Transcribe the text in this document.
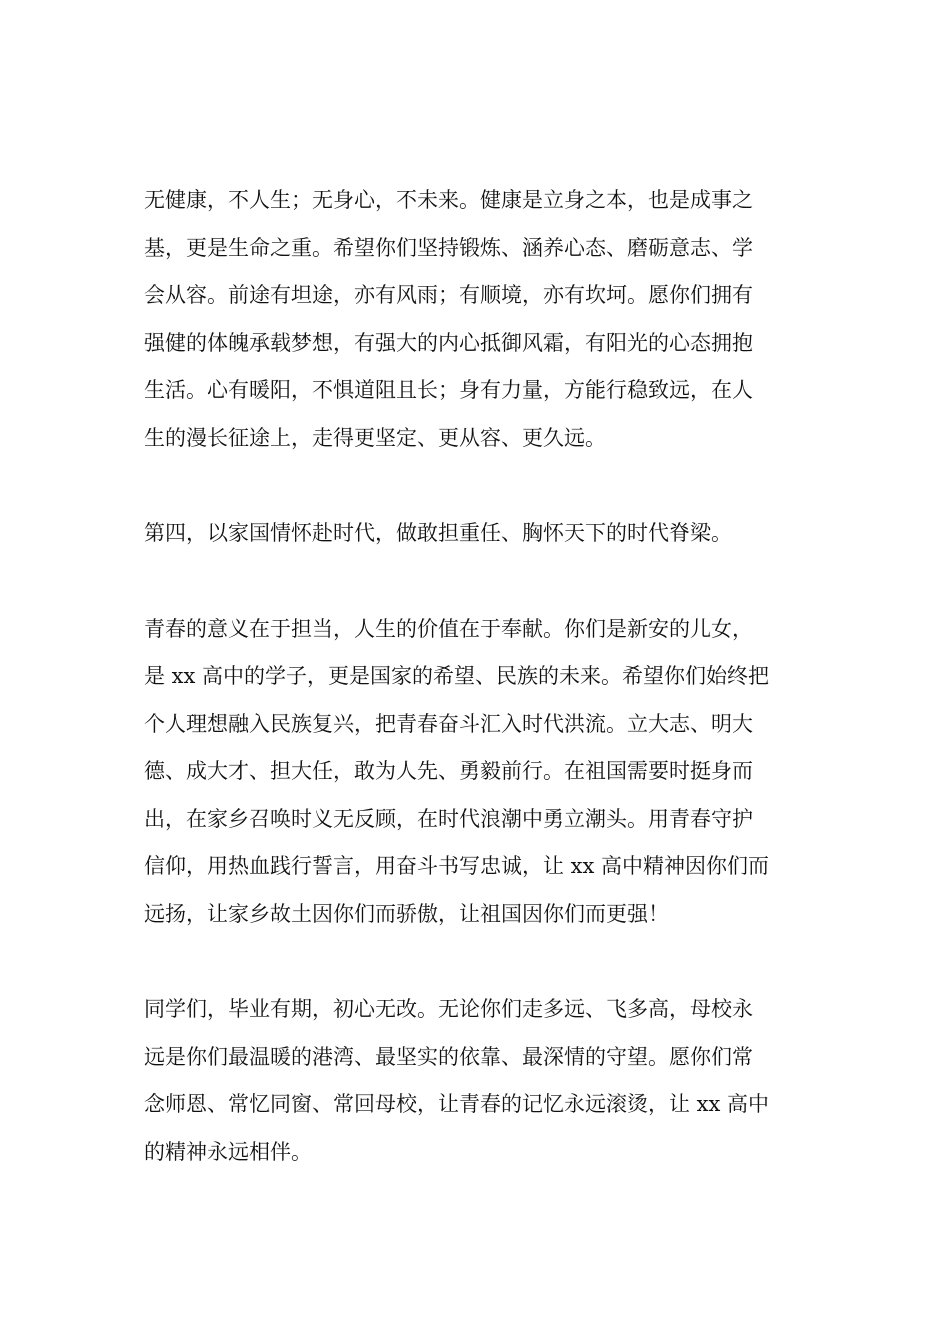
无健康，不人生；无身心，不未来。健康是立身之本，也是成事之
基，更是生命之重。希望你们坚持锻炼、涵养心态、磨砺意志、学
会从容。前途有坦途，亦有风雨；有顺境，亦有坎坷。愿你们拥有
强健的体魄承载梦想，有强大的内心抵御风霜，有阳光的心态拥抱
生活。心有暖阳，不惧道阻且长；身有力量，方能行稳致远，在人
生的漫长征途上，走得更坚定、更从容、更久远。
第四，以家国情怀赴时代，做敢担重任、胸怀天下的时代脊梁。
青春的意义在于担当，人生的价值在于奉献。你们是新安的儿女，
是 xx 高中的学子，更是国家的希望、民族的未来。希望你们始终把
个人理想融入民族复兴，把青春奋斗汇入时代洪流。立大志、明大
德、成大才、担大任，敢为人先、勇毅前行。在祖国需要时挺身而
出，在家乡召唤时义无反顾，在时代浪潮中勇立潮头。用青春守护
信仰，用热血践行誓言，用奋斗书写忠诚，让 xx 高中精神因你们而
远扬，让家乡故土因你们而骄傲，让祖国因你们而更强！
同学们，毕业有期，初心无改。无论你们走多远、飞多高，母校永
远是你们最温暖的港湾、最坚实的依靠、最深情的守望。愿你们常
念师恩、常忆同窗、常回母校，让青春的记忆永远滚烫，让 xx 高中
的精神永远相伴。
